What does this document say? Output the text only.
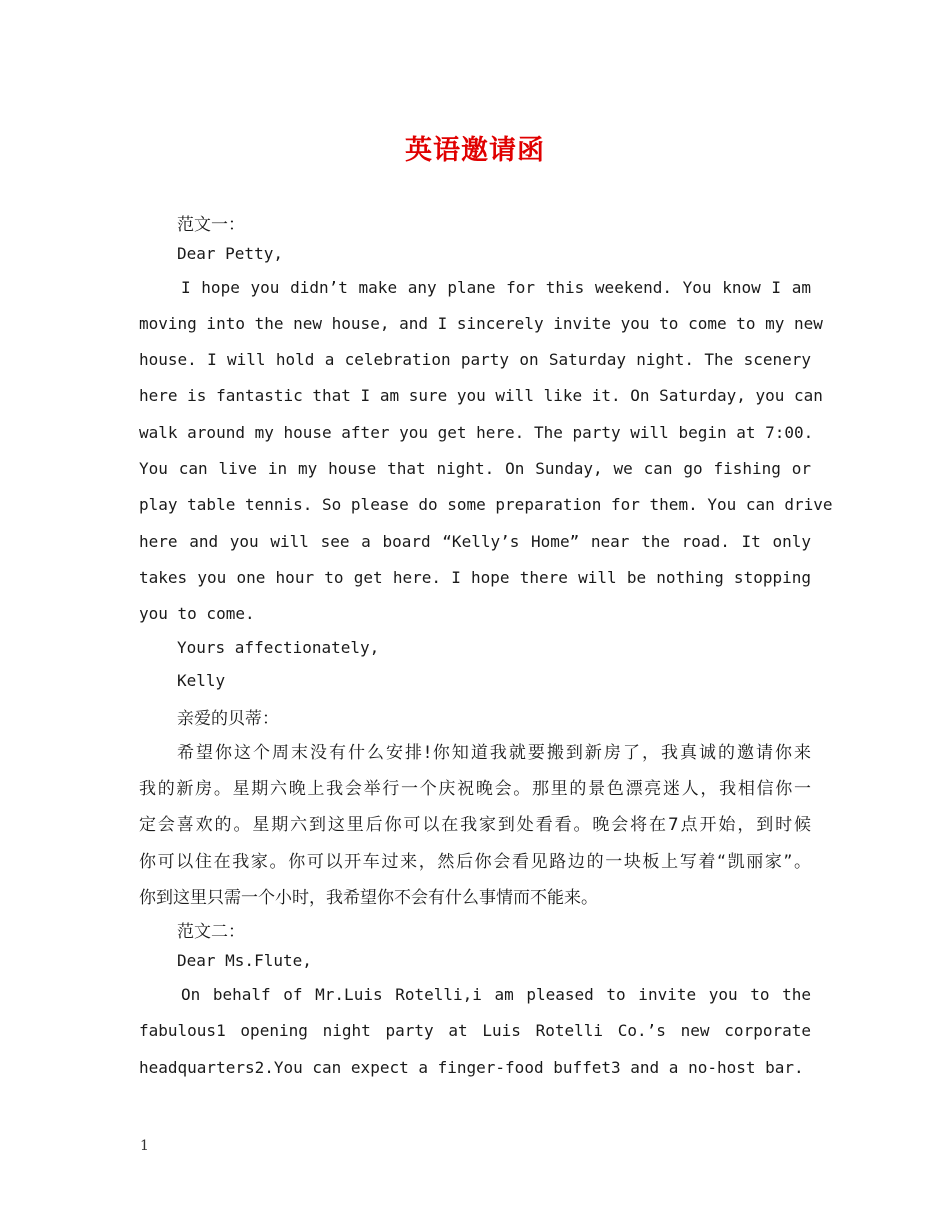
英语邀请函
范文一：
Dear Petty,
I hope you didn’t make any plane for this weekend. You know I am
moving into the new house, and I sincerely invite you to come to my new
house. I will hold a celebration party on Saturday night. The scenery
here is fantastic that I am sure you will like it. On Saturday, you can
walk around my house after you get here. The party will begin at 7:00.
You can live in my house that night. On Sunday, we can go fishing or
play table tennis. So please do some preparation for them. You can drive
here and you will see a board “Kelly’s Home” near the road. It only
takes you one hour to get here. I hope there will be nothing stopping
you to come.
Yours affectionately,
Kelly
亲爱的贝蒂：
希望你这个周末没有什么安排!你知道我就要搬到新房了，我真诚的邀请你来
我的新房。星期六晚上我会举行一个庆祝晚会。那里的景色漂亮迷人，我相信你一
定会喜欢的。星期六到这里后你可以在我家到处看看。晚会将在7点开始，到时候
你可以住在我家。你可以开车过来，然后你会看见路边的一块板上写着“凯丽家”。
你到这里只需一个小时，我希望你不会有什么事情而不能来。
范文二：
Dear Ms.Flute,
On behalf of Mr.Luis Rotelli,i am pleased to invite you to the
fabulous1 opening night party at Luis Rotelli Co.’s new corporate
headquarters2.You can expect a finger-food buffet3 and a no-host bar.
1
